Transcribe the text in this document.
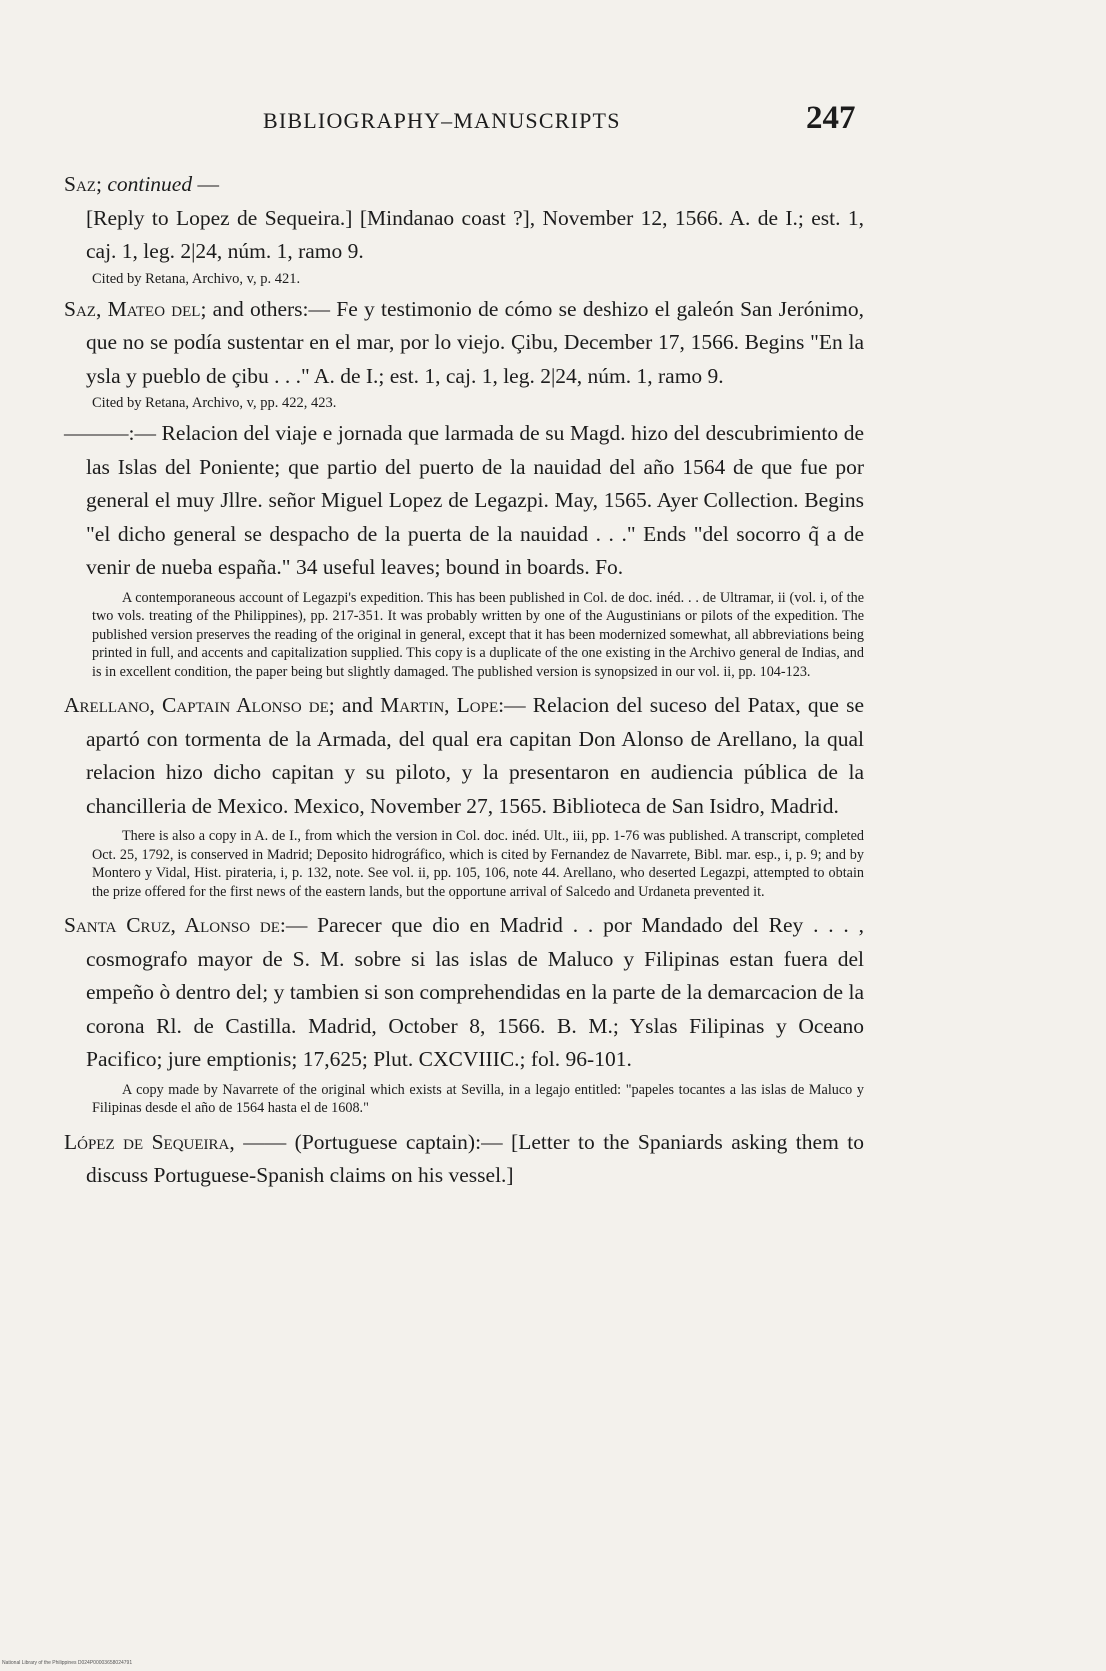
BIBLIOGRAPHY–MANUSCRIPTS	247

Saz; continued —

[Reply to Lopez de Sequeira.] [Mindanao coast ?], November 12, 1566. A. de I.; est. 1, caj. 1, leg. 2|24, núm. 1, ramo 9.

Cited by Retana, Archivo, v, p. 421.

Saz, Mateo del; and others:— Fe y testimonio de cómo se deshizo el galeón San Jerónimo, que no se podía sustentar en el mar, por lo viejo. Çibu, December 17, 1566. Begins "En la ysla y pueblo de çibu . . ." A. de I.; est. 1, caj. 1, leg. 2|24, núm. 1, ramo 9.

Cited by Retana, Archivo, v, pp. 422, 423.

———:— Relacion del viaje e jornada que larmada de su Magd. hizo del descubrimiento de las Islas del Poniente; que partio del puerto de la nauidad del año 1564 de que fue por general el muy Jllre. señor Miguel Lopez de Legazpi. May, 1565. Ayer Collection. Begins "el dicho general se despacho de la puerta de la nauidad . . ." Ends "del socorro q̃ a de venir de nueba españa." 34 useful leaves; bound in boards. Fo.

A contemporaneous account of Legazpi's expedition. This has been published in Col. de doc. inéd. . . de Ultramar, ii (vol. i, of the two vols. treating of the Philippines), pp. 217-351. It was probably written by one of the Augustinians or pilots of the expedition. The published version preserves the reading of the original in general, except that it has been modernized somewhat, all abbreviations being printed in full, and accents and capitalization supplied. This copy is a duplicate of the one existing in the Archivo general de Indias, and is in excellent condition, the paper being but slightly damaged. The published version is synopsized in our vol. ii, pp. 104-123.

Arellano, Captain Alonso de; and Martin, Lope:— Relacion del suceso del Patax, que se apartó con tormenta de la Armada, del qual era capitan Don Alonso de Arellano, la qual relacion hizo dicho capitan y su piloto, y la presentaron en audiencia pública de la chancilleria de Mexico. Mexico, November 27, 1565. Biblioteca de San Isidro, Madrid.

There is also a copy in A. de I., from which the version in Col. doc. inéd. Ult., iii, pp. 1-76 was published. A transcript, completed Oct. 25, 1792, is conserved in Madrid; Deposito hidrográfico, which is cited by Fernandez de Navarrete, Bibl. mar. esp., i, p. 9; and by Montero y Vidal, Hist. pirateria, i, p. 132, note. See vol. ii, pp. 105, 106, note 44. Arellano, who deserted Legazpi, attempted to obtain the prize offered for the first news of the eastern lands, but the opportune arrival of Salcedo and Urdaneta prevented it.

Santa Cruz, Alonso de:— Parecer que dio en Madrid . . por Mandado del Rey . . . , cosmografo mayor de S. M. sobre si las islas de Maluco y Filipinas estan fuera del empeño ò dentro del; y tambien si son comprehendidas en la parte de la demarcacion de la corona Rl. de Castilla. Madrid, October 8, 1566. B. M.; Yslas Filipinas y Oceano Pacifico; jure emptionis; 17,625; Plut. CXCVIIIC.; fol. 96-101.

A copy made by Navarrete of the original which exists at Sevilla, in a legajo entitled: "papeles tocantes a las islas de Maluco y Filipinas desde el año de 1564 hasta el de 1608."

López de Sequeira, —— (Portuguese captain):— [Letter to the Spaniards asking them to discuss Portuguese-Spanish claims on his vessel.]

National Library of the Philippines D024P00003658024791
